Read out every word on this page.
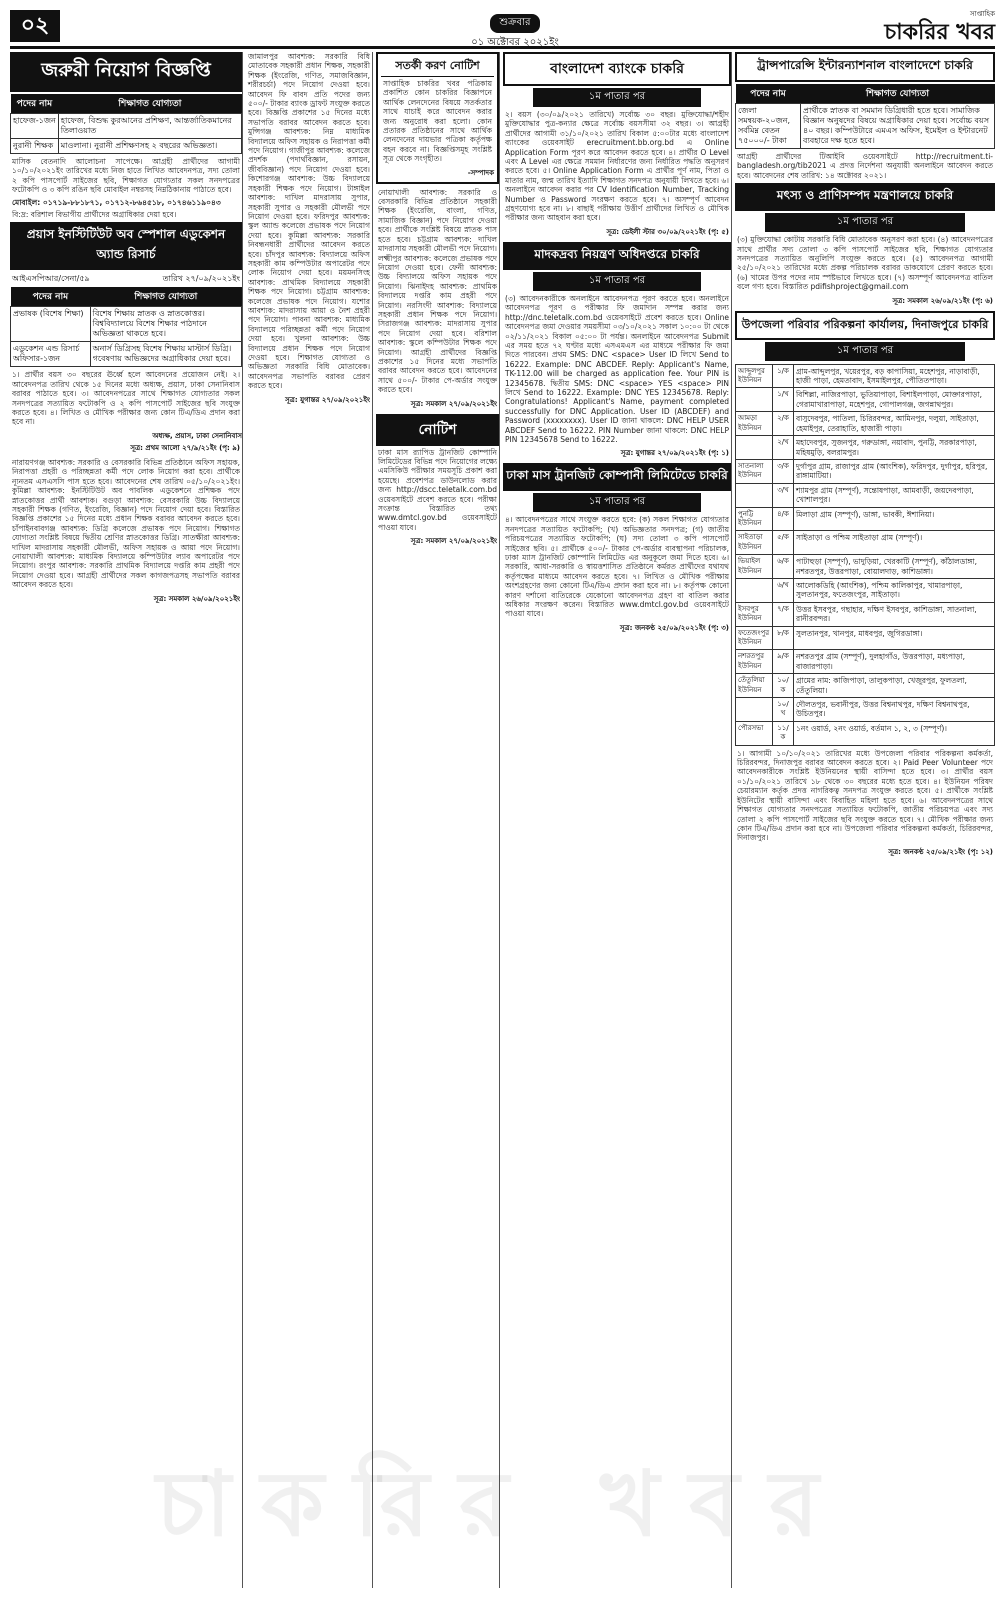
০২	শুক্রবার
০১ অক্টোবর ২০২১ইং
সাপ্তাহিক
চাকরির খবর
জরুরী নিয়োগ বিজ্ঞপ্তি
পদের নাম	শিক্ষাগত যোগ্যতা
হাফেজ-১জন	হাফেজ, বিশুদ্ধ কুরআনের প্রশিক্ষণ, আন্তর্জাতিকমানের তিলাওয়াত
নুরানী শিক্ষক	মাওলানা। নুরানী প্রশিক্ষণসহ ২ বছরের অভিজ্ঞতা।
মাসিক বেতনাদি আলোচনা সাপেক্ষে। আগ্রহী প্রার্থীদের আগামী ১০/১০/২০২১ইং তারিখের মধ্যে নিজ হাতে লিখিত আবেদনপত্র, সদ্য তোলা ২ কপি পাসপোর্ট সাইজের ছবি, শিক্ষাগত যোগ্যতার সকল সনদপত্রের ফটোকপি ও ৩ কপি রঙিন ছবি মোবাইল নম্বরসহ নিম্নঠিকানায় পাঠাতে হবে।
মোবাইল: ০১৭১৯-৮৮১৮৭১, ০১৭১২-৮৬৪৫১৮, ০১৭৪৬১১৯০৪৩
বি:দ্র: বরিশাল বিভাগীয় প্রার্থীদের অগ্রাধিকার দেয়া হবে।
প্রয়াস ইনস্টিটিউট অব স্পেশাল এডুকেশন অ্যান্ড রিসার্চ
আইএসপিআর/সেনা/৫৯	তারিখ ২৭/০৯/২০২১ইং
পদের নাম	শিক্ষাগত যোগ্যতা
প্রভাষক (বিশেষ শিক্ষা)	বিশেষ শিক্ষায় স্নাতক ও স্নাতকোত্তর। বিশ্ববিদ্যালয়ে বিশেষ শিক্ষার পাঠদানে অভিজ্ঞতা থাকতে হবে।
এডুকেশন এন্ড রিসার্চ অফিসার-১জন	অনার্স ডিগ্রিসহ বিশেষ শিক্ষায় মাস্টার্স ডিগ্রি। গবেষণায় অভিজ্ঞদের অগ্রাধিকার দেয়া হবে।
১। প্রার্থীর বয়স ৩০ বছরের ঊর্ধ্বে হলে আবেদনের প্রয়োজন নেই। ২। আবেদনপত্র তারিখ থেকে ১৫ দিনের মধ্যে অধ্যক্ষ, প্রয়াস, ঢাকা সেনানিবাস বরাবর পাঠাতে হবে। ৩। আবেদনপত্রের সাথে শিক্ষাগত যোগ্যতার সকল সনদপত্রের সত্যায়িত ফটোকপি ও ২ কপি পাসপোর্ট সাইজের ছবি সংযুক্ত করতে হবে। ৪। লিখিত ও মৌখিক পরীক্ষার জন্য কোন টিএ/ডিএ প্রদান করা হবে না।
অধ্যক্ষ, প্রয়াস, ঢাকা সেনানিবাস
সূত্র: প্রথম আলো ২৭/৯/২১ইং (পৃ: ৯)
নারায়ণগঞ্জ আবশ্যক: সরকারি ও বেসরকারি বিভিন্ন প্রতিষ্ঠানে অফিস সহায়ক, নিরাপত্তা প্রহরী ও পরিচ্ছন্নতা কর্মী পদে লোক নিয়োগ করা হবে। প্রার্থীকে ন্যূনতম এসএসসি পাস হতে হবে। আবেদনের শেষ তারিখ ০৫/১০/২০২১ইং। কুমিল্লা আবশ্যক: ইনস্টিটিউট অব পাবলিক এডুকেশনে প্রশিক্ষক পদে স্নাতকোত্তর প্রার্থী আবশ্যক। বগুড়া আবশ্যক: বেসরকারি উচ্চ বিদ্যালয়ে সহকারী শিক্ষক (গণিত, ইংরেজি, বিজ্ঞান) পদে নিয়োগ দেয়া হবে। বিস্তারিত বিজ্ঞপ্তি প্রকাশের ১৫ দিনের মধ্যে প্রধান শিক্ষক বরাবর আবেদন করতে হবে। চাঁপাইনবাবগঞ্জ আবশ্যক: ডিগ্রি কলেজে প্রভাষক পদে নিয়োগ। শিক্ষাগত যোগ্যতা সংশ্লিষ্ট বিষয়ে দ্বিতীয় শ্রেণির স্নাতকোত্তর ডিগ্রি। সাতক্ষীরা আবশ্যক: দাখিল মাদরাসায় সহকারী মৌলভী, অফিস সহায়ক ও আয়া পদে নিয়োগ। নোয়াখালী আবশ্যক: মাধ্যমিক বিদ্যালয়ে কম্পিউটার ল্যাব অপারেটর পদে নিয়োগ। রংপুর আবশ্যক: সরকারি প্রাথমিক বিদ্যালয়ে দপ্তরি কাম প্রহরী পদে নিয়োগ দেওয়া হবে। আগ্রহী প্রার্থীদের সকল কাগজপত্রসহ সভাপতি বরাবর আবেদন করতে হবে।
সূত্র: সমকাল ২৬/০৯/২০২১ইং
জামালপুর আবশ্যক: সরকারি বিধি মোতাবেক সহকারী প্রধান শিক্ষক, সহকারী শিক্ষক (ইংরেজি, গণিত, সমাজবিজ্ঞান, শরীরচর্চা) পদে নিয়োগ দেওয়া হবে। আবেদন ফি বাবদ প্রতি পদের জন্য ৫০০/- টাকার ব্যাংক ড্রাফট সংযুক্ত করতে হবে। বিজ্ঞপ্তি প্রকাশের ১৫ দিনের মধ্যে সভাপতি বরাবর আবেদন করতে হবে। মুন্সিগঞ্জ আবশ্যক: নিম্ন মাধ্যমিক বিদ্যালয়ে অফিস সহায়ক ও নিরাপত্তা কর্মী পদে নিয়োগ। গাজীপুর আবশ্যক: কলেজে প্রদর্শক (পদার্থবিজ্ঞান, রসায়ন, জীববিজ্ঞান) পদে নিয়োগ দেওয়া হবে। কিশোরগঞ্জ আবশ্যক: উচ্চ বিদ্যালয়ে সহকারী শিক্ষক পদে নিয়োগ। টাঙ্গাইল আবশ্যক: দাখিল মাদরাসায় সুপার, সহকারী সুপার ও সহকারী মৌলভী পদে নিয়োগ দেওয়া হবে। ফরিদপুর আবশ্যক: স্কুল অ্যান্ড কলেজে প্রভাষক পদে নিয়োগ দেয়া হবে। কুমিল্লা আবশ্যক: সরকারি নিবন্ধনধারী প্রার্থীদের আবেদন করতে হবে। চাঁদপুর আবশ্যক: বিদ্যালয়ে অফিস সহকারী কাম কম্পিউটার অপারেটর পদে লোক নিয়োগ দেয়া হবে। ময়মনসিংহ আবশ্যক: প্রাথমিক বিদ্যালয়ে সহকারী শিক্ষক পদে নিয়োগ। চট্টগ্রাম আবশ্যক: কলেজে প্রভাষক পদে নিয়োগ। যশোর আবশ্যক: মাদরাসায় আয়া ও নৈশ প্রহরী পদে নিয়োগ। পাবনা আবশ্যক: মাধ্যমিক বিদ্যালয়ে পরিচ্ছন্নতা কর্মী পদে নিয়োগ দেয়া হবে। খুলনা আবশ্যক: উচ্চ বিদ্যালয়ে প্রধান শিক্ষক পদে নিয়োগ দেওয়া হবে। শিক্ষাগত যোগ্যতা ও অভিজ্ঞতা সরকারি বিধি মোতাবেক। আবেদনপত্র সভাপতি বরাবর প্রেরণ করতে হবে।
সূত্র: যুগান্তর ২৭/০৯/২০২১ইং
সতর্কী করণ নোটিশ
সাপ্তাহিক চাকরির খবর পত্রিকায় প্রকাশিত কোন চাকরির বিজ্ঞাপনে আর্থিক লেনদেনের বিষয়ে সতর্কতার সাথে যাচাই করে আবেদন করার জন্য অনুরোধ করা হলো। কোন প্রতারক প্রতিষ্ঠানের সাথে আর্থিক লেনদেনের দায়ভার পত্রিকা কর্তৃপক্ষ বহন করবে না। বিজ্ঞপ্তিসমূহ সংশ্লিষ্ট সূত্র থেকে সংগৃহীত।
-সম্পাদক
নোয়াখালী আবশ্যক: সরকারি ও বেসরকারি বিভিন্ন প্রতিষ্ঠানে সহকারী শিক্ষক (ইংরেজি, বাংলা, গণিত, সামাজিক বিজ্ঞান) পদে নিয়োগ দেওয়া হবে। প্রার্থীকে সংশ্লিষ্ট বিষয়ে স্নাতক পাস হতে হবে। চট্টগ্রাম আবশ্যক: দাখিল মাদরাসায় সহকারী মৌলভী পদে নিয়োগ। লক্ষ্মীপুর আবশ্যক: কলেজে প্রভাষক পদে নিয়োগ দেওয়া হবে। ফেনী আবশ্যক: উচ্চ বিদ্যালয়ে অফিস সহায়ক পদে নিয়োগ। ঝিনাইদহ আবশ্যক: প্রাথমিক বিদ্যালয়ে দপ্তরি কাম প্রহরী পদে নিয়োগ। নরসিংদী আবশ্যক: বিদ্যালয়ে সহকারী প্রধান শিক্ষক পদে নিয়োগ। সিরাজগঞ্জ আবশ্যক: মাদরাসায় সুপার পদে নিয়োগ দেয়া হবে। বরিশাল আবশ্যক: স্কুলে কম্পিউটার শিক্ষক পদে নিয়োগ। আগ্রহী প্রার্থীদের বিজ্ঞপ্তি প্রকাশের ১৫ দিনের মধ্যে সভাপতি বরাবর আবেদন করতে হবে। আবেদনের সাথে ৫০০/- টাকার পে-অর্ডার সংযুক্ত করতে হবে।
সূত্র: সমকাল ২৭/০৯/২০২১ইং
নোটিশ
ঢাকা মাস র‍্যাপিড ট্রানজিট কোম্পানি লিমিটেডের বিভিন্ন পদে নিয়োগের লক্ষ্যে এমসিকিউ পরীক্ষার সময়সূচি প্রকাশ করা হয়েছে। প্রবেশপত্র ডাউনলোড করার জন্য http://dscc.teletalk.com.bd ওয়েবসাইটে প্রবেশ করতে হবে। পরীক্ষা সংক্রান্ত বিস্তারিত তথ্য www.dmtcl.gov.bd ওয়েবসাইটে পাওয়া যাবে।
সূত্র: সমকাল ২৭/০৯/২০২১ইং
বাংলাদেশ ব্যাংকে চাকরি
১ম পাতার পর
২। বয়স (৩০/০৯/২০২১ তারিখে) সর্বোচ্চ ৩০ বছর। মুক্তিযোদ্ধা/শহীদ মুক্তিযোদ্ধার পুত্র-কন্যার ক্ষেত্রে সর্বোচ্চ বয়সসীমা ৩২ বছর। ৩। আগ্রহী প্রার্থীদের আগামী ৩১/১০/২০২১ তারিখ বিকাল ৫:০০টার মধ্যে বাংলাদেশ ব্যাংকের ওয়েবসাইট erecruitment.bb.org.bd এ Online Application Form পূরণ করে আবেদন করতে হবে। ৪। প্রার্থীর O Level এবং A Level এর ক্ষেত্রে সমমান নির্ধারণের জন্য নির্ধারিত পদ্ধতি অনুসরণ করতে হবে। ৫। Online Application Form এ প্রার্থীর পূর্ণ নাম, পিতা ও মাতার নাম, জন্ম তারিখ ইত্যাদি শিক্ষাগত সনদপত্র অনুযায়ী লিখতে হবে। ৬। অনলাইনে আবেদন করার পর CV Identification Number, Tracking Number ও Password সংরক্ষণ করতে হবে। ৭। অসম্পূর্ণ আবেদন গ্রহণযোগ্য হবে না। ৮। বাছাই পরীক্ষায় উত্তীর্ণ প্রার্থীদের লিখিত ও মৌখিক পরীক্ষার জন্য আহবান করা হবে।
সূত্র: ডেইলী স্টার ৩০/০৯/২০২১ইং (পৃ: ৫)
মাদকদ্রব্য নিয়ন্ত্রণ অধিদপ্তরে চাকরি
১ম পাতার পর
(৩) আবেদনকারীকে অনলাইনে আবেদনপত্র পূরণ করতে হবে। অনলাইনে আবেদনপত্র পূরণ ও পরীক্ষার ফি জমাদান সম্পন্ন করার জন্য http://dnc.teletalk.com.bd ওয়েবসাইটে প্রবেশ করতে হবে। Online আবেদনপত্র জমা দেওয়ার সময়সীমা ০৩/১০/২০২১ সকাল ১০:০০ টা থেকে ০২/১১/২০২১ বিকাল ০৫:০০ টা পর্যন্ত। অনলাইনে আবেদনপত্র Submit এর সময় হতে ৭২ ঘণ্টার মধ্যে এসএমএস এর মাধ্যমে পরীক্ষার ফি জমা দিতে পারবেন। প্রথম SMS: DNC <space> User ID লিখে Send to 16222. Example: DNC ABCDEF. Reply: Applicant's Name, TK-112.00 will be charged as application fee. Your PIN is 12345678. দ্বিতীয় SMS: DNC <space> YES <space> PIN লিখে Send to 16222. Example: DNC YES 12345678. Reply: Congratulations! Applicant's Name, payment completed successfully for DNC Application. User ID (ABCDEF) and Password (xxxxxxxx). User ID জানা থাকলে: DNC HELP USER ABCDEF Send to 16222. PIN Number জানা থাকলে: DNC HELP PIN 12345678 Send to 16222.
সূত্র: যুগান্তর ২৭/০৯/২০২১ইং (পৃ: ১)
ঢাকা মাস ট্রানজিট কোম্পানী লিমিটেডে চাকরি
১ম পাতার পর
৪। আবেদনপত্রের সাথে সংযুক্ত করতে হবে: (ক) সকল শিক্ষাগত যোগ্যতার সনদপত্রের সত্যায়িত ফটোকপি; (খ) অভিজ্ঞতার সনদপত্র; (গ) জাতীয় পরিচয়পত্রের সত্যায়িত ফটোকপি; (ঘ) সদ্য তোলা ৩ কপি পাসপোর্ট সাইজের ছবি। ৫। প্রার্থীকে ৫০০/- টাকার পে-অর্ডার ব্যবস্থাপনা পরিচালক, ঢাকা ম্যাস ট্রানজিট কোম্পানি লিমিটেড এর অনুকূলে জমা দিতে হবে। ৬। সরকারি, আধা-সরকারি ও স্বায়ত্তশাসিত প্রতিষ্ঠানে কর্মরত প্রার্থীদের যথাযথ কর্তৃপক্ষের মাধ্যমে আবেদন করতে হবে। ৭। লিখিত ও মৌখিক পরীক্ষায় অংশগ্রহণের জন্য কোনো টিএ/ডিএ প্রদান করা হবে না। ৮। কর্তৃপক্ষ কোনো কারণ দর্শানো ব্যতিরেকে যেকোনো আবেদনপত্র গ্রহণ বা বাতিল করার অধিকার সংরক্ষণ করেন। বিস্তারিত www.dmtcl.gov.bd ওয়েবসাইটে পাওয়া যাবে।
সূত্র: জনকণ্ঠ ২৫/০৯/২০২১ইং (পৃ: ৩)
ট্রান্সপারেন্সি ইন্টারন্যাশনাল বাংলাদেশে চাকরি
পদের নাম	শিক্ষাগত যোগ্যতা
জেলা সমন্বয়ক-২০জন, সর্বমিম্ন বেতন ৭৫০০০/- টাকা	প্রার্থীকে স্নাতক বা সমমান ডিগ্রিধারী হতে হবে। সামাজিক বিজ্ঞান অনুষদের বিষয়ে অগ্রাধিকার দেয়া হবে। সর্বোচ্চ বয়স ৪০ বছর। কম্পিউটারে এমএস অফিস, ইমেইল ও ইন্টারনেট ব্যবহারে দক্ষ হতে হবে।
আগ্রহী প্রার্থীদের টিআইবি ওয়েবসাইটে http://recruitment.ti-bangladesh.org/tib2021 এ প্রদত্ত নির্দেশনা অনুযায়ী অনলাইনে আবেদন করতে হবে। আবেদনের শেষ তারিখ: ১৪ অক্টোবর ২০২১।
মৎস্য ও প্রাণিসম্পদ মন্ত্রণালয়ে চাকরি
১ম পাতার পর
(৩) মুক্তিযোদ্ধা কোটায় সরকারি বিধি মোতাবেক অনুসরণ করা হবে। (৪) আবেদনপত্রের সাথে প্রার্থীর সদ্য তোলা ৩ কপি পাসপোর্ট সাইজের ছবি, শিক্ষাগত যোগ্যতার সনদপত্রের সত্যায়িত অনুলিপি সংযুক্ত করতে হবে। (৫) আবেদনপত্র আগামী ২৫/১০/২০২১ তারিখের মধ্যে প্রকল্প পরিচালক বরাবর ডাকযোগে প্রেরণ করতে হবে। (৬) খামের উপর পদের নাম স্পষ্টভাবে লিখতে হবে। (৭) অসম্পূর্ণ আবেদনপত্র বাতিল বলে গণ্য হবে। বিস্তারিত pdifishproject@gmail.com
সূত্র: সমকাল ২৬/০৯/২১ইং (পৃ: ৬)
উপজেলা পরিবার পরিকল্পনা কার্যালয়, দিনাজপুরে চাকরি
১ম পাতার পর
আব্দুলপুর ইউনিয়ন	১/ক	গ্রাম-আব্দুলপুর, খয়েরপুর, বড় কাপাসিয়া, মহেশপুর, নাড়াবাড়ী, হাজী পাড়া, হেমতাবাদ, ইসমাইলপুর, পৌতিতপাড়া।
	১/খ	বিশিল্লা, নাজিরপাড়া, ভুতিয়াপাড়া, বিশাইলপাড়া, মোক্তারপাড়া, গেরামাখারাপাড়া, মহেশপুর, গোপালগঞ্জ, জগন্নাথপুর।
আমড়া ইউনিয়ন	২/ক	বাসুদেবপুর, পাতিলা, চিরিরবন্দর, আমিনপুর, দলুয়া, সাইতাড়া, হেমাইপুর, তেরাহাতি, হাজারী পাড়া।
	২/খ	মহাদেবপুর, সুজনপুর, গরুডাঙ্গা, নয়াবাদ, পুনট্টি, সরকারপাড়া, মহিষমুড়ি, বলরামপুর।
সাতনালা ইউনিয়ন	৩/ক	দুর্গাপুর গ্রাম, রাজাপুর গ্রাম (আংশিক), ফরিদপুর, দুর্গাপুর, হরিপুর, রাঙ্গামাটিয়া।
	৩/খ	শ্যামপুর গ্রাম (সম্পূর্ণ), সন্তোষপাড়া, আমবাড়ী, জয়দেবপাড়া, খোশালপুর।
পুনট্টি ইউনিয়ন	৪/ক	মিলাড়া গ্রাম (সম্পূর্ণ), ডাঙ্গা, ভাবকী, ঈশানিয়া।
সাইতাড়া ইউনিয়ন	৫/ক	সাইতাড়া ও পশ্চিম সাইতাড়া গ্রাম (সম্পূর্ণ)।
ভিয়াইল ইউনিয়ন	৬/ক	পাটাহুড়া (সম্পূর্ণ), ভাদুড়িয়া, খেরকাটি (সম্পূর্ণ), কাঁঠালডাঙ্গা, নশরতপুর, উত্তরপাড়া, বোয়ালদাড়, কাশিডাঙ্গা।
	৬/খ	আলোকডিহি (আংশিক), পশ্চিম কালিকাপুর, খামারপাড়া, সুলতানপুর, ফতেজংপুর, সাইতাড়া।
ইসবপুর ইউনিয়ন	৭/ক	উত্তর ইসবপুর, গছাহার, দক্ষিণ ইসবপুর, কাশিডাঙ্গা, সাতনালা, রানীরবন্দর।
ফতেজংপুর ইউনিয়ন	৮/ক	সুলতানপুর, খানপুর, মাধবপুর, জুগিরডাঙ্গা।
নশরতপুর ইউনিয়ন	৯/ক	নশরতপুর গ্রাম (সম্পূর্ণ), দুলহাগাঁও, উত্তরপাড়া, মধ্যপাড়া, বাজারপাড়া।
তেঁতুলিয়া ইউনিয়ন	১০/ক	গ্রামের নাম: কাজিপাড়া, তালুকপাড়া, খেজুরপুর, ফুলতলা, তেঁতুলিয়া।
	১০/খ	দৌলতপুর, ভবানীপুর, উত্তর বিশ্বনাথপুর, দক্ষিণ বিশ্বনাথপুর, উচিতপুর।
পৌরসভা	১১/ক	১নং ওয়ার্ড, ২নং ওয়ার্ড, বর্তমান ১, ২, ৩ (সম্পূর্ণ)।
১। আগামী ১০/১০/২০২১ তারিখের মধ্যে উপজেলা পরিবার পরিকল্পনা কর্মকর্তা, চিরিরবন্দর, দিনাজপুর বরাবর আবেদন করতে হবে। ২। Paid Peer Volunteer পদে আবেদনকারীকে সংশ্লিষ্ট ইউনিয়নের স্থায়ী বাসিন্দা হতে হবে। ৩। প্রার্থীর বয়স ০১/১০/২০২১ তারিখে ১৮ থেকে ৩০ বছরের মধ্যে হতে হবে। ৪। ইউনিয়ন পরিষদ চেয়ারম্যান কর্তৃক প্রদত্ত নাগরিকত্ব সনদপত্র সংযুক্ত করতে হবে। ৫। প্রার্থীকে সংশ্লিষ্ট ইউনিটের স্থায়ী বাসিন্দা এবং বিবাহিত মহিলা হতে হবে। ৬। আবেদনপত্রের সাথে শিক্ষাগত যোগ্যতার সনদপত্রের সত্যায়িত ফটোকপি, জাতীয় পরিচয়পত্র এবং সদ্য তোলা ২ কপি পাসপোর্ট সাইজের ছবি সংযুক্ত করতে হবে। ৭। মৌখিক পরীক্ষার জন্য কোন টিএ/ডিএ প্রদান করা হবে না। উপজেলা পরিবার পরিকল্পনা কর্মকর্তা, চিরিরবন্দর, দিনাজপুর।
সূত্র: জনকণ্ঠ ২৫/০৯/২১ইং (পৃ: ১২)
চাকরির খবর
